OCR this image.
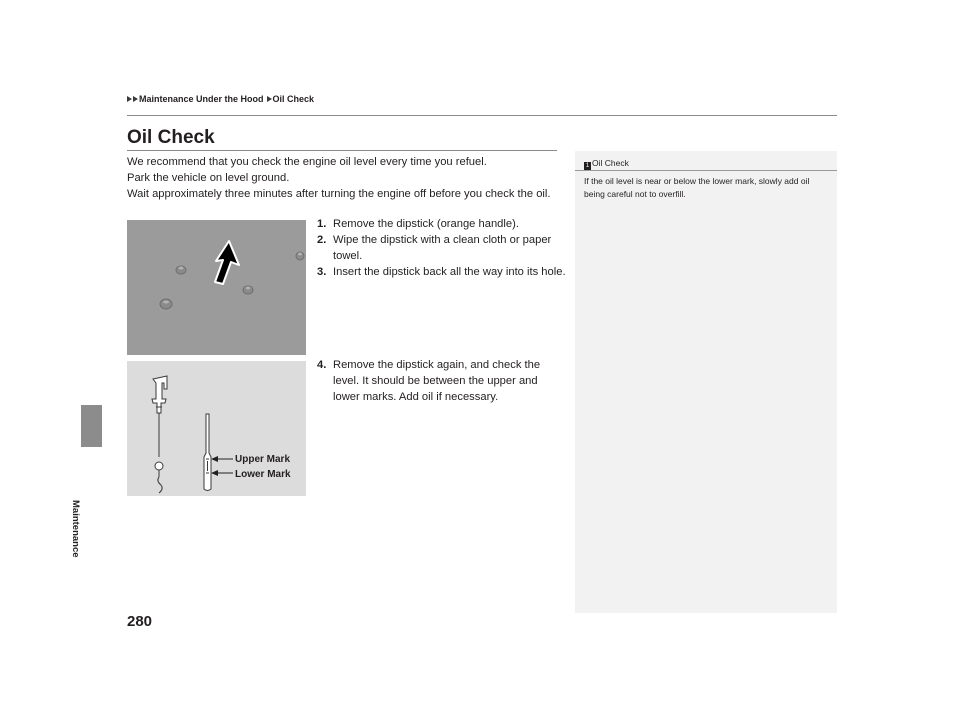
Maintenance Under the Hood Oil Check
Maintenance
Oil Check
We recommend that you check the engine oil level every time you refuel.
Park the vehicle on level ground.
Wait approximately three minutes after turning the engine off before you check the oil.
1. Remove the dipstick (orange handle).
2. Wipe the dipstick with a clean cloth or paper towel.
3. Insert the dipstick back all the way into its hole.
4. Remove the dipstick again, and check the level. It should be between the upper and lower marks. Add oil if necessary.
Upper Mark
Lower Mark
1 Oil Check
If the oil level is near or below the lower mark, slowly add oil being careful not to overfill.
280
